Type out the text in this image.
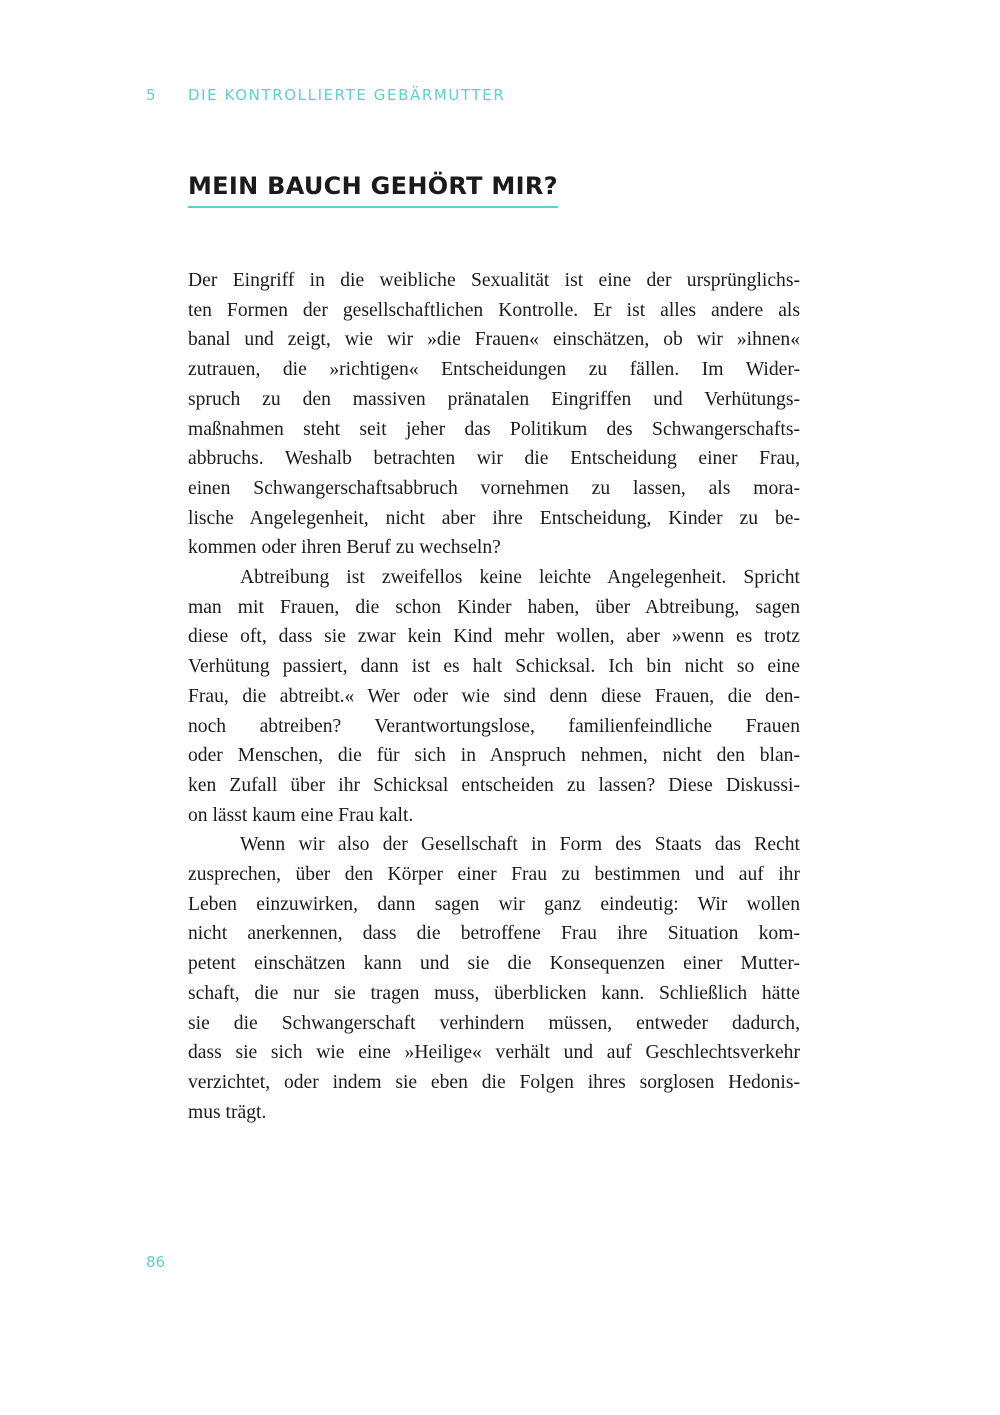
5 DIE KONTROLLIERTE GEBÄRMUTTER
MEIN BAUCH GEHÖRT MIR?
Der Eingriff in die weibliche Sexualität ist eine der ursprünglichs-
ten Formen der gesellschaftlichen Kontrolle. Er ist alles andere als
banal und zeigt, wie wir »die Frauen« einschätzen, ob wir »ihnen«
zutrauen, die »richtigen« Entscheidungen zu fällen. Im Wider-
spruch zu den massiven pränatalen Eingriffen und Verhütungs-
maßnahmen steht seit jeher das Politikum des Schwangerschafts-
abbruchs. Weshalb betrachten wir die Entscheidung einer Frau,
einen Schwangerschaftsabbruch vornehmen zu lassen, als mora-
lische Angelegenheit, nicht aber ihre Entscheidung, Kinder zu be-
kommen oder ihren Beruf zu wechseln?
Abtreibung ist zweifellos keine leichte Angelegenheit. Spricht
man mit Frauen, die schon Kinder haben, über Abtreibung, sagen
diese oft, dass sie zwar kein Kind mehr wollen, aber »wenn es trotz
Verhütung passiert, dann ist es halt Schicksal. Ich bin nicht so eine
Frau, die abtreibt.« Wer oder wie sind denn diese Frauen, die den-
noch abtreiben? Verantwortungslose, familienfeindliche Frauen
oder Menschen, die für sich in Anspruch nehmen, nicht den blan-
ken Zufall über ihr Schicksal entscheiden zu lassen? Diese Diskussi-
on lässt kaum eine Frau kalt.
Wenn wir also der Gesellschaft in Form des Staats das Recht
zusprechen, über den Körper einer Frau zu bestimmen und auf ihr
Leben einzuwirken, dann sagen wir ganz eindeutig: Wir wollen
nicht anerkennen, dass die betroffene Frau ihre Situation kom-
petent einschätzen kann und sie die Konsequenzen einer Mutter-
schaft, die nur sie tragen muss, überblicken kann. Schließlich hätte
sie die Schwangerschaft verhindern müssen, entweder dadurch,
dass sie sich wie eine »Heilige« verhält und auf Geschlechtsverkehr
verzichtet, oder indem sie eben die Folgen ihres sorglosen Hedonis-
mus trägt.
86
